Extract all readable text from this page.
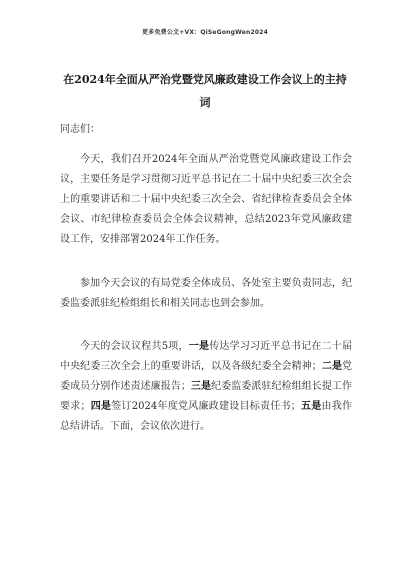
更多免费公文+VX：QiSeGongWen2024
在2024年全面从严治党暨党风廉政建设工作会议上的主持词

同志们：

今天，我们召开2024年全面从严治党暨党风廉政建设工作会议，主要任务是学习贯彻习近平总书记在二十届中央纪委三次全会上的重要讲话和二十届中央纪委三次全会、省纪律检查委员会全体会议、市纪律检查委员会全体会议精神，总结2023年党风廉政建设工作，安排部署2024年工作任务。

参加今天会议的有局党委全体成员、各处室主要负责同志，纪委监委派驻纪检组组长和相关同志也到会参加。

今天的会议议程共5项，一是传达学习习近平总书记在二十届中央纪委三次全会上的重要讲话，以及各级纪委全会精神；二是党委成员分别作述责述廉报告；三是纪委监委派驻纪检组组长提工作要求；四是签订2024年度党风廉政建设目标责任书；五是由我作总结讲话。下面，会议依次进行。
